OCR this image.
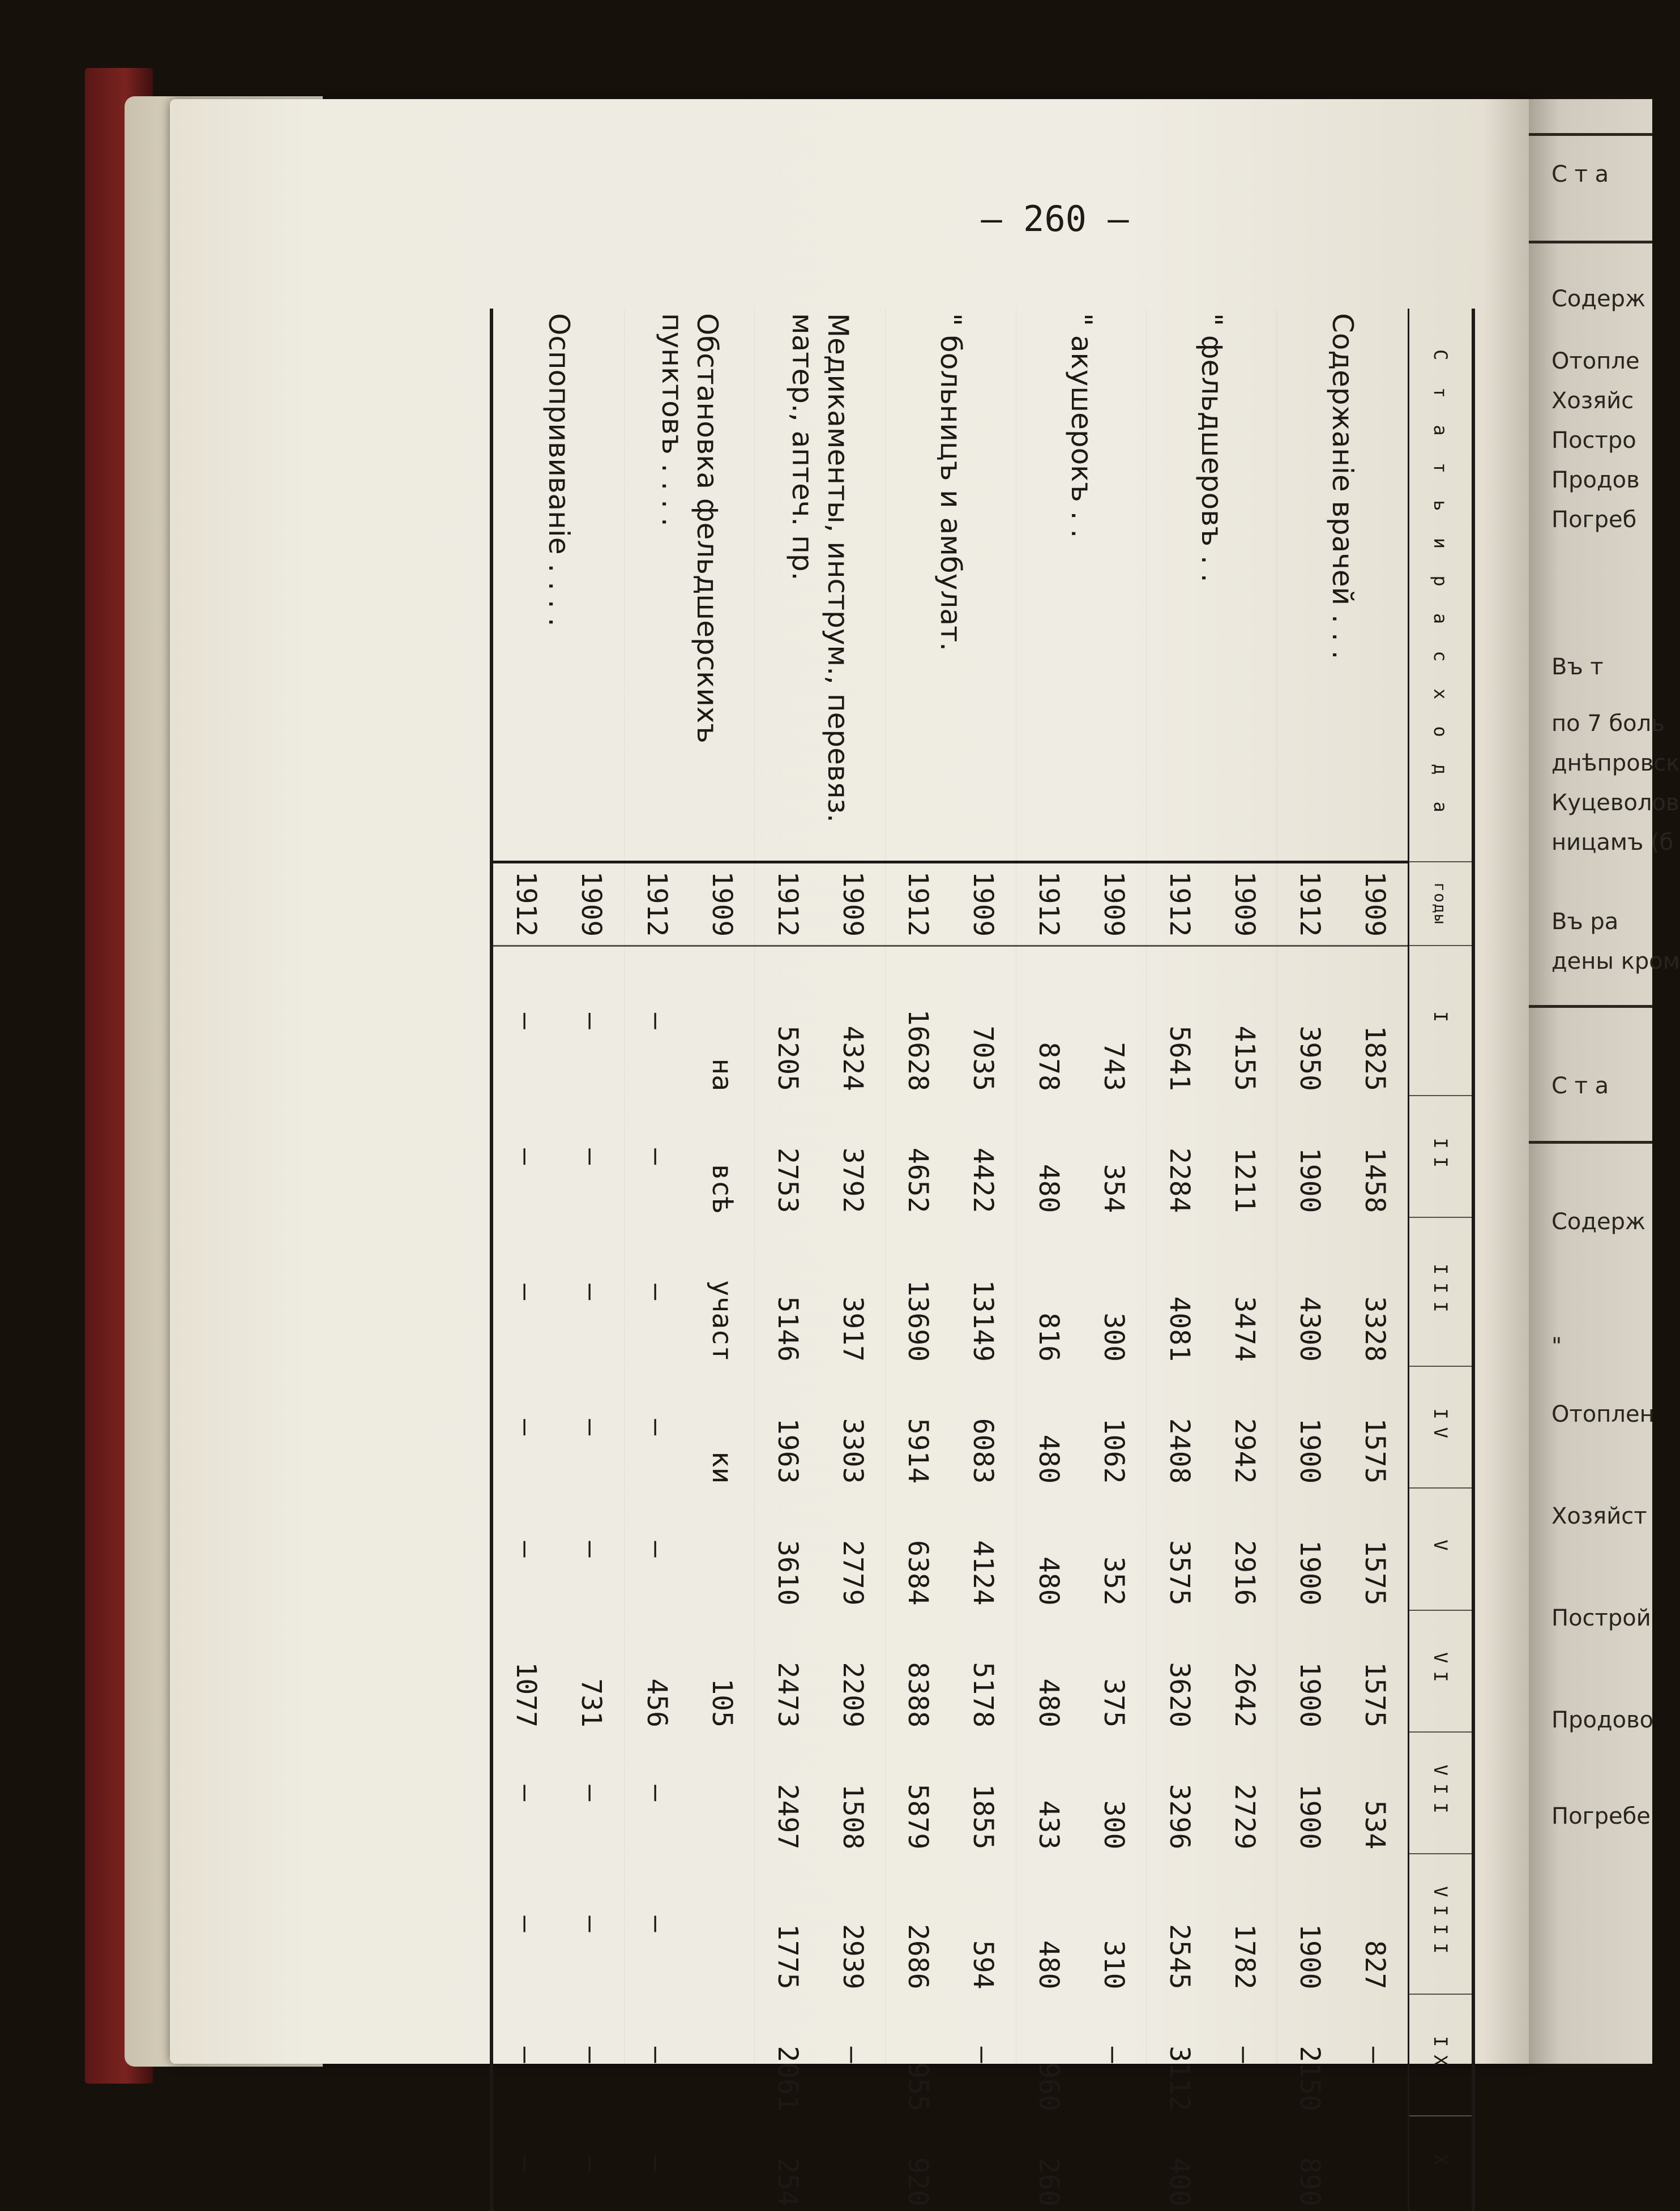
— 260 —
С т а т ь и р а с х о д а	годы	I	II	III	IV	V	VI	VII	VIII	IX	X
Содержаніе врачей . . .	1909	1825	1458	3328	1575	1575	1575	534	827	—	
	1912	3950	1900	4300	1900	1900	1900	1900	1900	2150	890
" фельдшеровъ . .	1909	4155	1211	3474	2942	2916	2642	2729	1782	—	
	1912	5641	2284	4081	2408	3575	3620	3296	2545	3112	400
" акушерокъ . .	1909	743	354	300	1062	352	375	300	310	—	
	1912	878	480	816	480	480	480	433	480	960	260
" больницъ и амбулат.	1909	7035	4422	13149	6083	4124	5178	1855	594	—	
	1912	16628	4652	13690	5914	6384	8388	5879	2686	955	920
Медикаменты, инструм., перевяз. матер., аптеч. пр.	1909	4324	3792	3917	3303	2779	2209	1508	2939	—	
	1912	5205	2753	5146	1963	3610	2473	2497	1775	2061	254
Обстановка фельдшерскихъ пунктовъ . . . .	1909	на	всѣ	участ	ки		105				
	1912	—	—	—	—	—	456	—	—	—	—
Оспопрививаніе . . . .	1909	—	—	—	—	—	731	—	—	—	—
	1912	—	—	—	—	—	1077	—	—	—	—
С т а
Содерж
Отопле
Хозяйс
Постро
Продов
Погреб
Въ т
по 7 боль
днѣпровск
Куцеволов
ницамъ (б
Въ ра
дены кром
С т а
Содерж
"
Отоплен
Хозяйст
Построй
Продово
Погребе
